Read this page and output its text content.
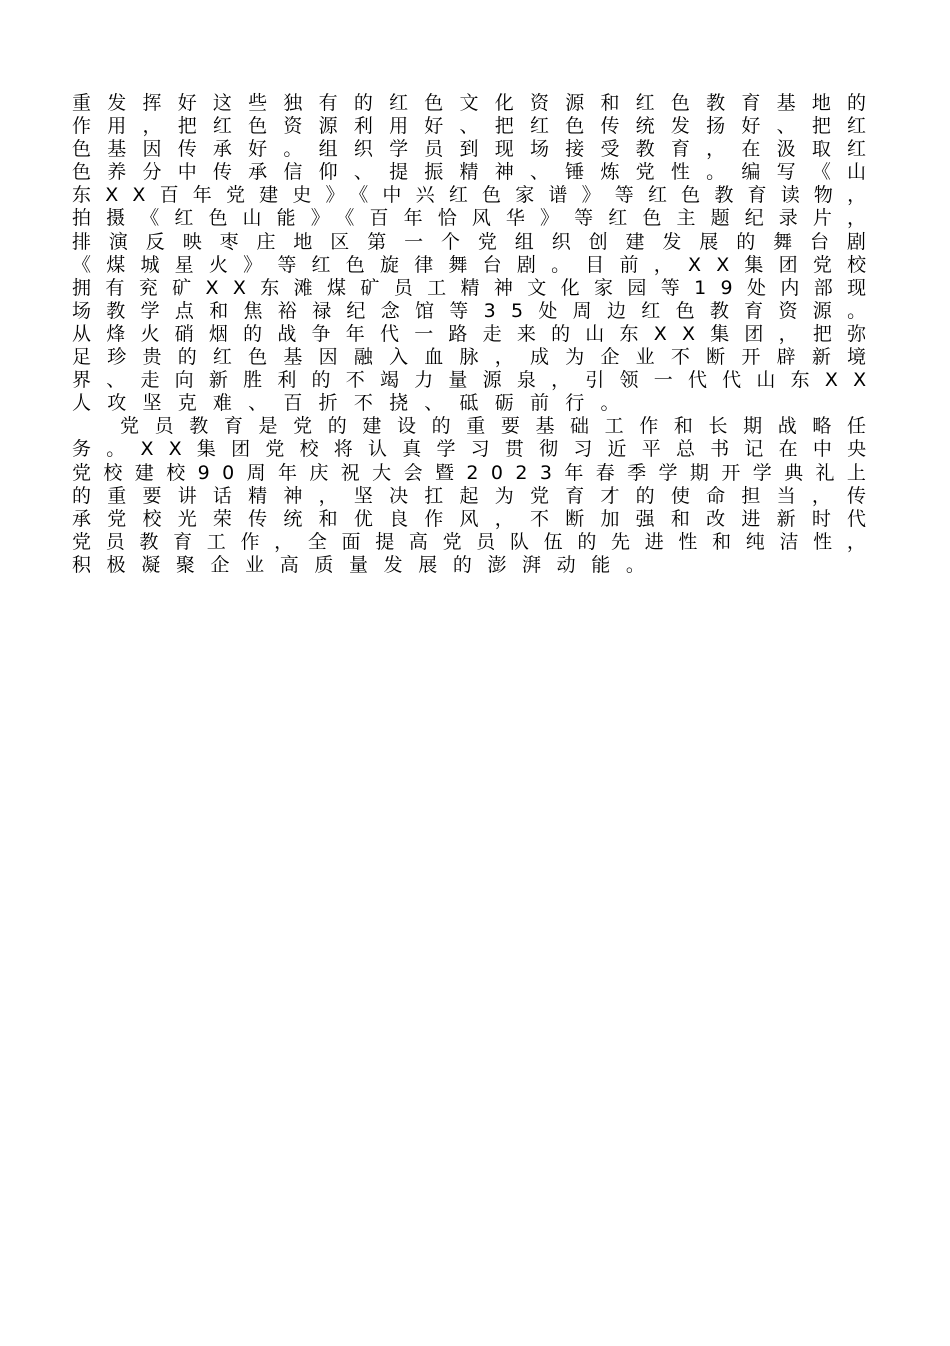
重发挥好这些独有的红色文化资源和红色教育基地的
作用，把红色资源利用好、把红色传统发扬好、把红
色基因传承好。组织学员到现场接受教育，在汲取红
色养分中传承信仰、提振精神、锤炼党性。编写《山
东XX百年党建史》《中兴红色家谱》等红色教育读物，
拍摄《红色山能》《百年恰风华》等红色主题纪录片，
排演反映枣庄地区第一个党组织创建发展的舞台剧
《煤城星火》等红色旋律舞台剧。目前，XX集团党校
拥有兖矿XX东滩煤矿员工精神文化家园等19处内部现
场教学点和焦裕禄纪念馆等35处周边红色教育资源。
从烽火硝烟的战争年代一路走来的山东XX集团，把弥
足珍贵的红色基因融入血脉，成为企业不断开辟新境
界、走向新胜利的不竭力量源泉，引领一代代山东XX
人攻坚克难、百折不挠、砥砺前行。
党员教育是党的建设的重要基础工作和长期战略任
务。XX集团党校将认真学习贯彻习近平总书记在中央
党校建校90周年庆祝大会暨2023年春季学期开学典礼上
的重要讲话精神，坚决扛起为党育才的使命担当，传
承党校光荣传统和优良作风，不断加强和改进新时代
党员教育工作，全面提高党员队伍的先进性和纯洁性，
积极凝聚企业高质量发展的澎湃动能。
